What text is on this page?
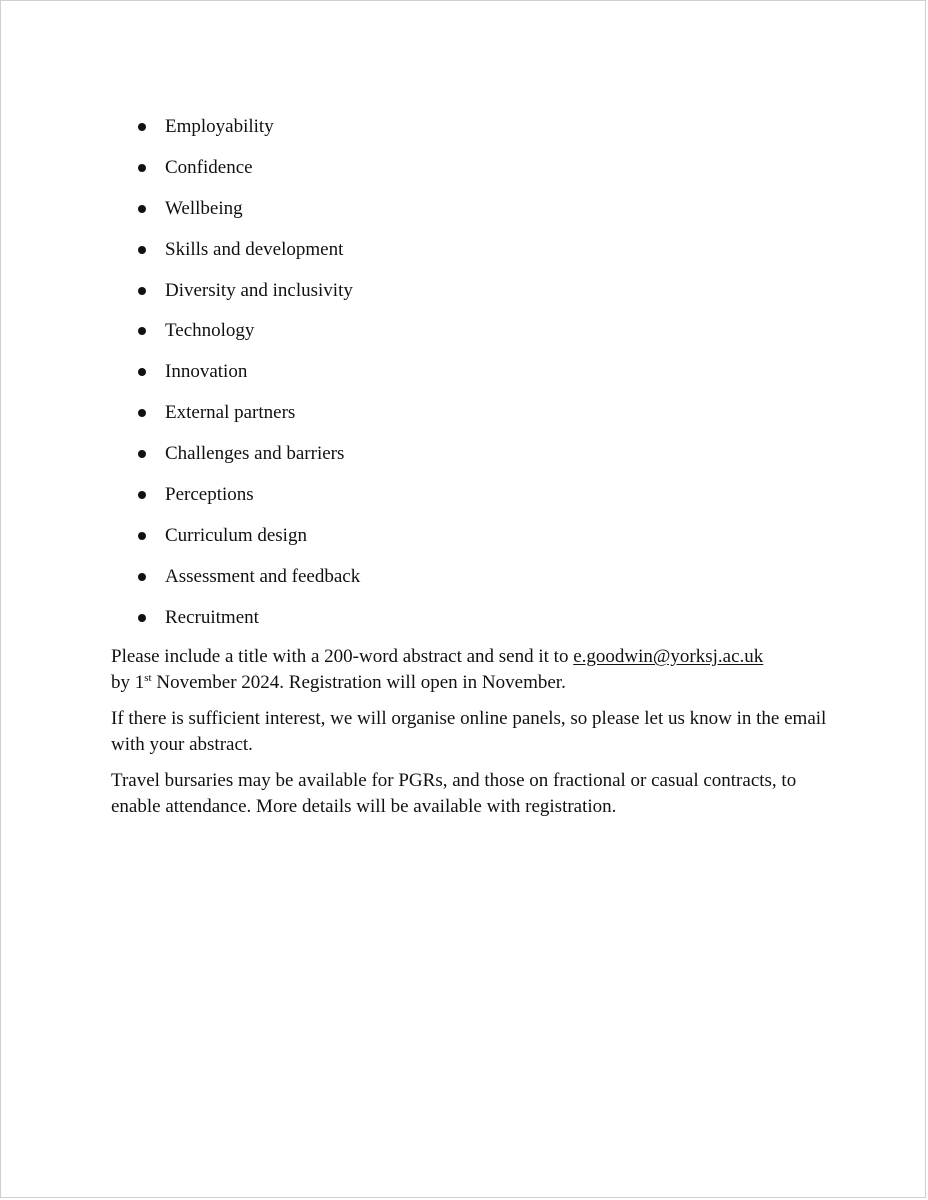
Employability
Confidence
Wellbeing
Skills and development
Diversity and inclusivity
Technology
Innovation
External partners
Challenges and barriers
Perceptions
Curriculum design
Assessment and feedback
Recruitment

Please include a title with a 200-word abstract and send it to e.goodwin@yorksj.ac.uk
by 1st November 2024. Registration will open in November.

If there is sufficient interest, we will organise online panels, so please let us know in the email with your abstract.

Travel bursaries may be available for PGRs, and those on fractional or casual contracts, to enable attendance. More details will be available with registration.
